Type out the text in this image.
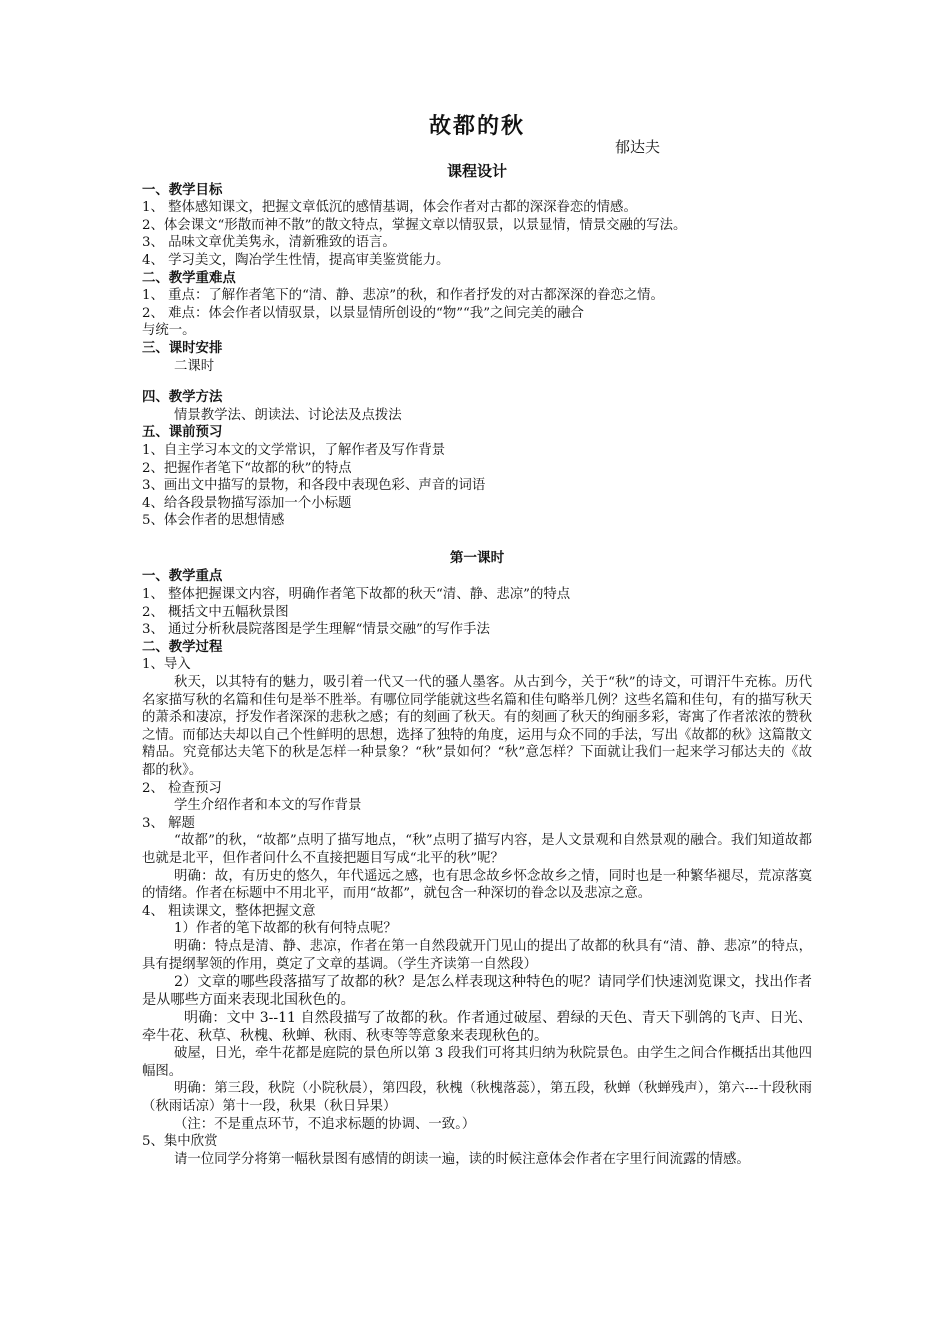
故都的秋

郁达夫

课程设计

一、教学目标

1、 整体感知课文，把握文章低沉的感情基调，体会作者对古都的深深眷恋的情感。

2、体会课文“形散而神不散”的散文特点，掌握文章以情驭景，以景显情，情景交融的写法。

3、 品味文章优美隽永，清新雅致的语言。

4、 学习美文，陶冶学生性情，提高审美鉴赏能力。

二、教学重难点

1、 重点：了解作者笔下的“清、静、悲凉”的秋，和作者抒发的对古都深深的眷恋之情。

2、 难点：体会作者以情驭景，以景显情所创设的“物”“我”之间完美的融合

与统一。

三、课时安排

二课时

四、教学方法

情景教学法、朗读法、讨论法及点拨法

五、课前预习

1、自主学习本文的文学常识，了解作者及写作背景

2、把握作者笔下“故都的秋”的特点

3、画出文中描写的景物，和各段中表现色彩、声音的词语

4、给各段景物描写添加一个小标题

5、体会作者的思想情感

第一课时

一、教学重点

1、 整体把握课文内容，明确作者笔下故都的秋天“清、静、悲凉”的特点

2、 概括文中五幅秋景图

3、 通过分析秋晨院落图是学生理解“情景交融”的写作手法

二、教学过程

1、导入

秋天，以其特有的魅力，吸引着一代又一代的骚人墨客。从古到今，关于“秋”的诗文，可谓汗牛充栋。历代名家描写秋的名篇和佳句是举不胜举。有哪位同学能就这些名篇和佳句略举几例？这些名篇和佳句，有的描写秋天的萧杀和凄凉，抒发作者深深的悲秋之感；有的刻画了秋天。有的刻画了秋天的绚丽多彩，寄寓了作者浓浓的赞秋之情。而郁达夫却以自己个性鲜明的思想，选择了独特的角度，运用与众不同的手法，写出《故都的秋》这篇散文精品。究竟郁达夫笔下的秋是怎样一种景象？“秋”景如何？“秋”意怎样？下面就让我们一起来学习郁达夫的《故都的秋》。

2、 检查预习

学生介绍作者和本文的写作背景

3、 解题

“故都”的秋，“故都”点明了描写地点，“秋”点明了描写内容，是人文景观和自然景观的融合。我们知道故都也就是北平，但作者问什么不直接把题目写成“北平的秋”呢？

明确：故，有历史的悠久，年代遥远之感，也有思念故乡怀念故乡之情，同时也是一种繁华褪尽，荒凉落寞的情绪。作者在标题中不用北平，而用“故都”，就包含一种深切的眷念以及悲凉之意。

4、 粗读课文，整体把握文意

1）作者的笔下故都的秋有何特点呢？

明确：特点是清、静、悲凉，作者在第一自然段就开门见山的提出了故都的秋具有“清、静、悲凉”的特点，具有提纲挈领的作用，奠定了文章的基调。（学生齐读第一自然段）

2）文章的哪些段落描写了故都的秋？是怎么样表现这种特色的呢？请同学们快速浏览课文，找出作者是从哪些方面来表现北国秋色的。

明确：文中 3--11 自然段描写了故都的秋。作者通过破屋、碧绿的天色、青天下驯鸽的飞声、日光、牵牛花、秋草、秋槐、秋蝉、秋雨、秋枣等等意象来表现秋色的。

破屋，日光，牵牛花都是庭院的景色所以第 3 段我们可将其归纳为秋院景色。由学生之间合作概括出其他四幅图。

明确：第三段，秋院（小院秋晨），第四段，秋槐（秋槐落蕊），第五段，秋蝉（秋蝉残声），第六---十段秋雨（秋雨话凉）第十一段，秋果（秋日异果）

（注：不是重点环节，不追求标题的协调、一致。）

5、集中欣赏

请一位同学分将第一幅秋景图有感情的朗读一遍，读的时候注意体会作者在字里行间流露的情感。
